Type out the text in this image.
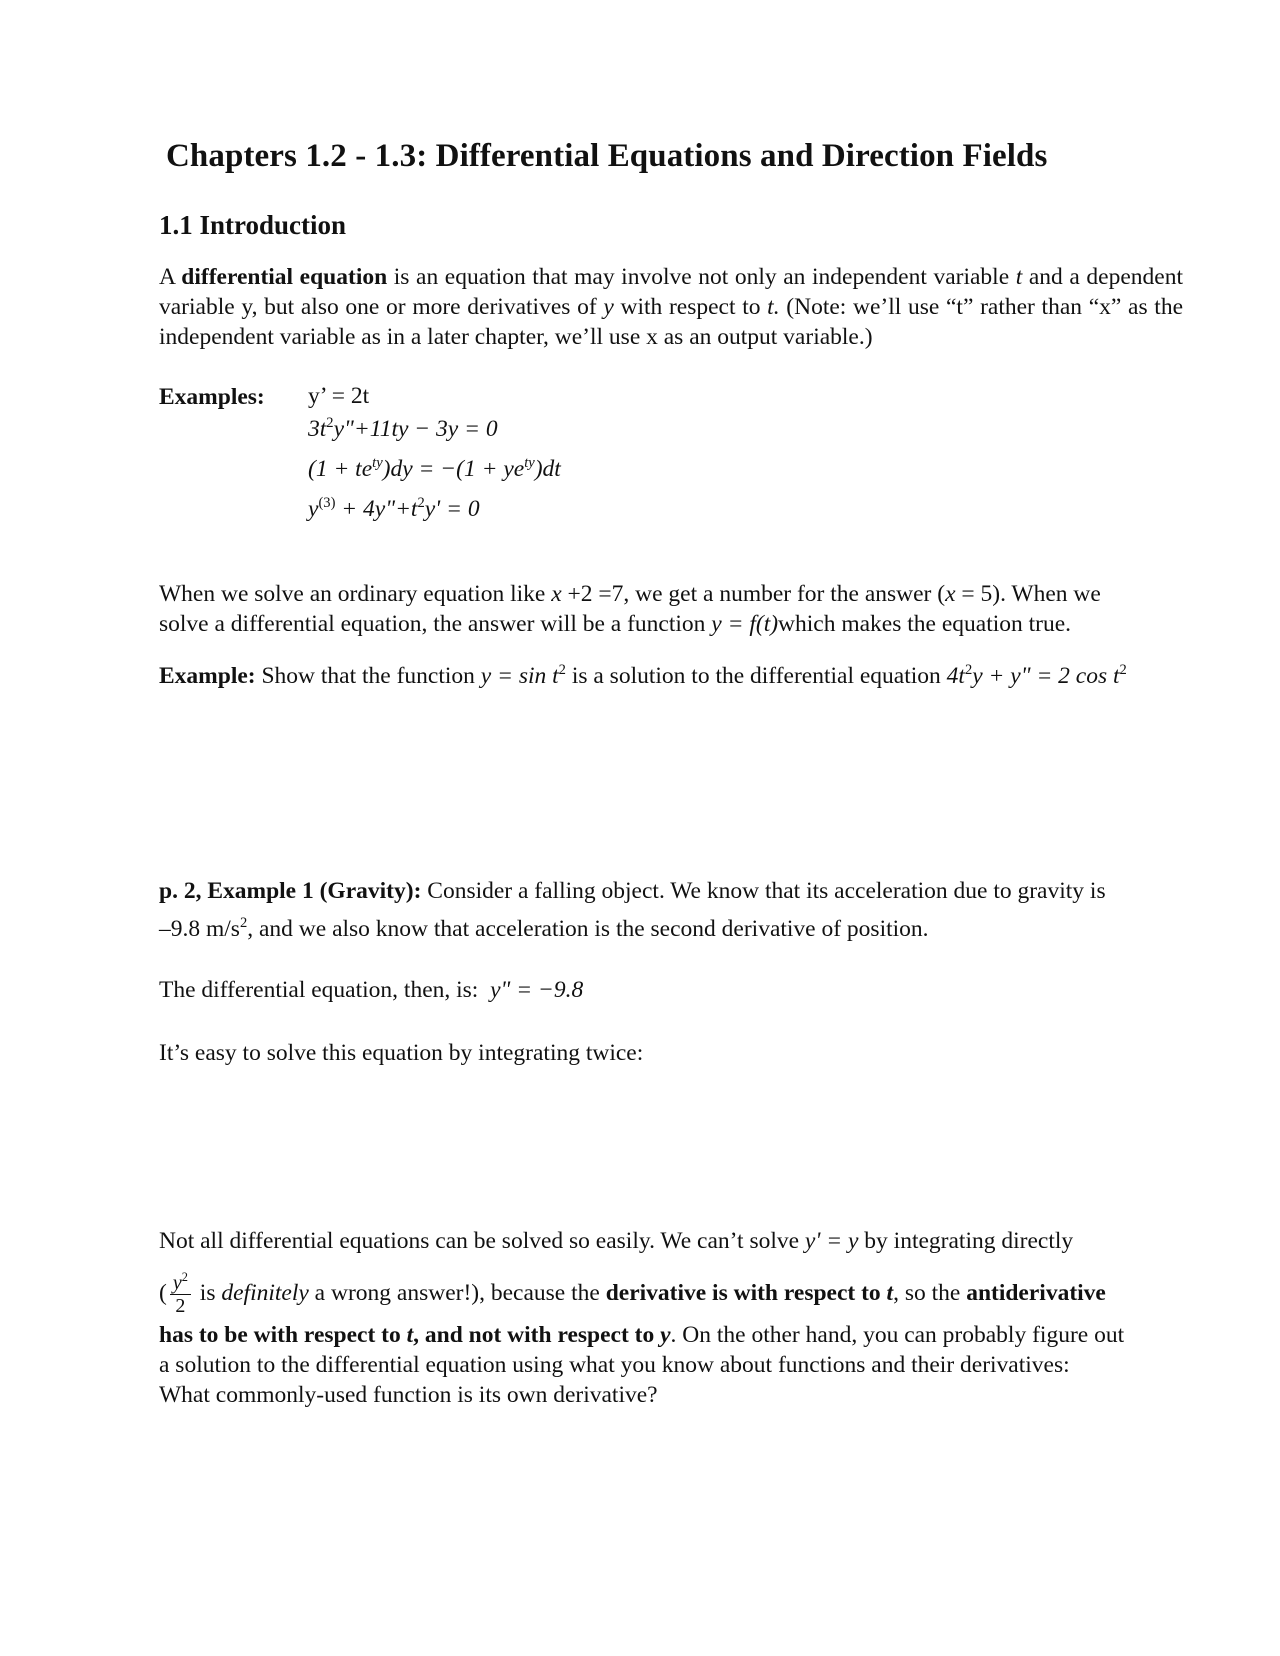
Chapters 1.2 - 1.3: Differential Equations and Direction Fields
1.1 Introduction
A differential equation is an equation that may involve not only an independent variable t and a dependent variable y, but also one or more derivatives of y with respect to t. (Note: we’ll use “t” rather than “x” as the independent variable as in a later chapter, we’ll use x as an output variable.)
Examples: y’ = 2t
$3t^2y"+11ty - 3y = 0$
$(1 + te^{ty})dy = -(1 + ye^{ty})dt$
$y^{(3)}$ + $4y"+t^2y' = 0$
When we solve an ordinary equation like x +2 =7, we get a number for the answer (x = 5). When we
solve a differential equation, the answer will be a function y = f(t)which makes the equation true.
Example: Show that the function $y = \sin t^2$ is a solution to the differential equation $4t^2y + y$" = 2 $\cos t^2$
p. 2, Example 1 (Gravity): Consider a falling object. We know that its acceleration due to gravity is
–9.8 $m/s^2$, and we also know that acceleration is the second derivative of position.
The differential equation, then, is: y" = −9.8
It’s easy to solve this equation by integrating twice:
Not all differential equations can be solved so easily. We can’t solve y' = y by integrating directly
( $\frac{y^2}{2}$ is definitely a wrong answer!), because the derivative is with respect to t, so the antiderivative
has to be with respect to t, and not with respect to y. On the other hand, you can probably figure out
a solution to the differential equation using what you know about functions and their derivatives:
What commonly-used function is its own derivative?
